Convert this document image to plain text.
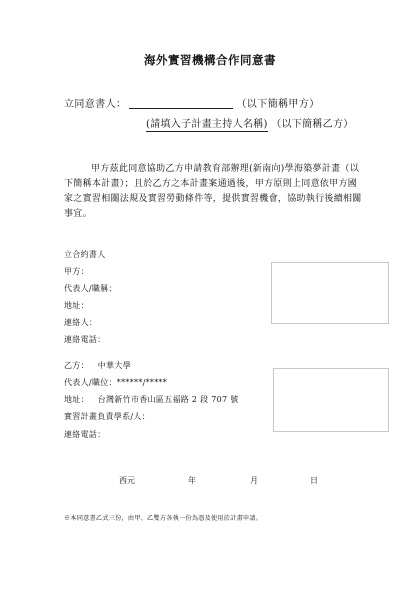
海外實習機構合作同意書
立同意書人：	（以下簡稱甲方）
(請填入子計畫主持人名稱) （以下簡稱乙方）
甲方茲此同意協助乙方申請教育部辦理(新南向)學海築夢計畫（以下簡稱本計畫）；且於乙方之本計畫案通過後，甲方原則上同意依甲方國家之實習相關法規及實習勞動條件等，提供實習機會，協助執行後續相關事宜。
立合約書人
甲方：
代表人/職稱：
地址：
連絡人：
連絡電話：
乙方： 中華大學
代表人/職位：******/*****
地址： 台灣新竹市香山區五福路 2 段 707 號
實習計畫負責學系/人：
連絡電話：
西元	年	月	日
※本同意書乙式三份，由甲、乙雙方各執一份為憑及使用於計畫申請。
